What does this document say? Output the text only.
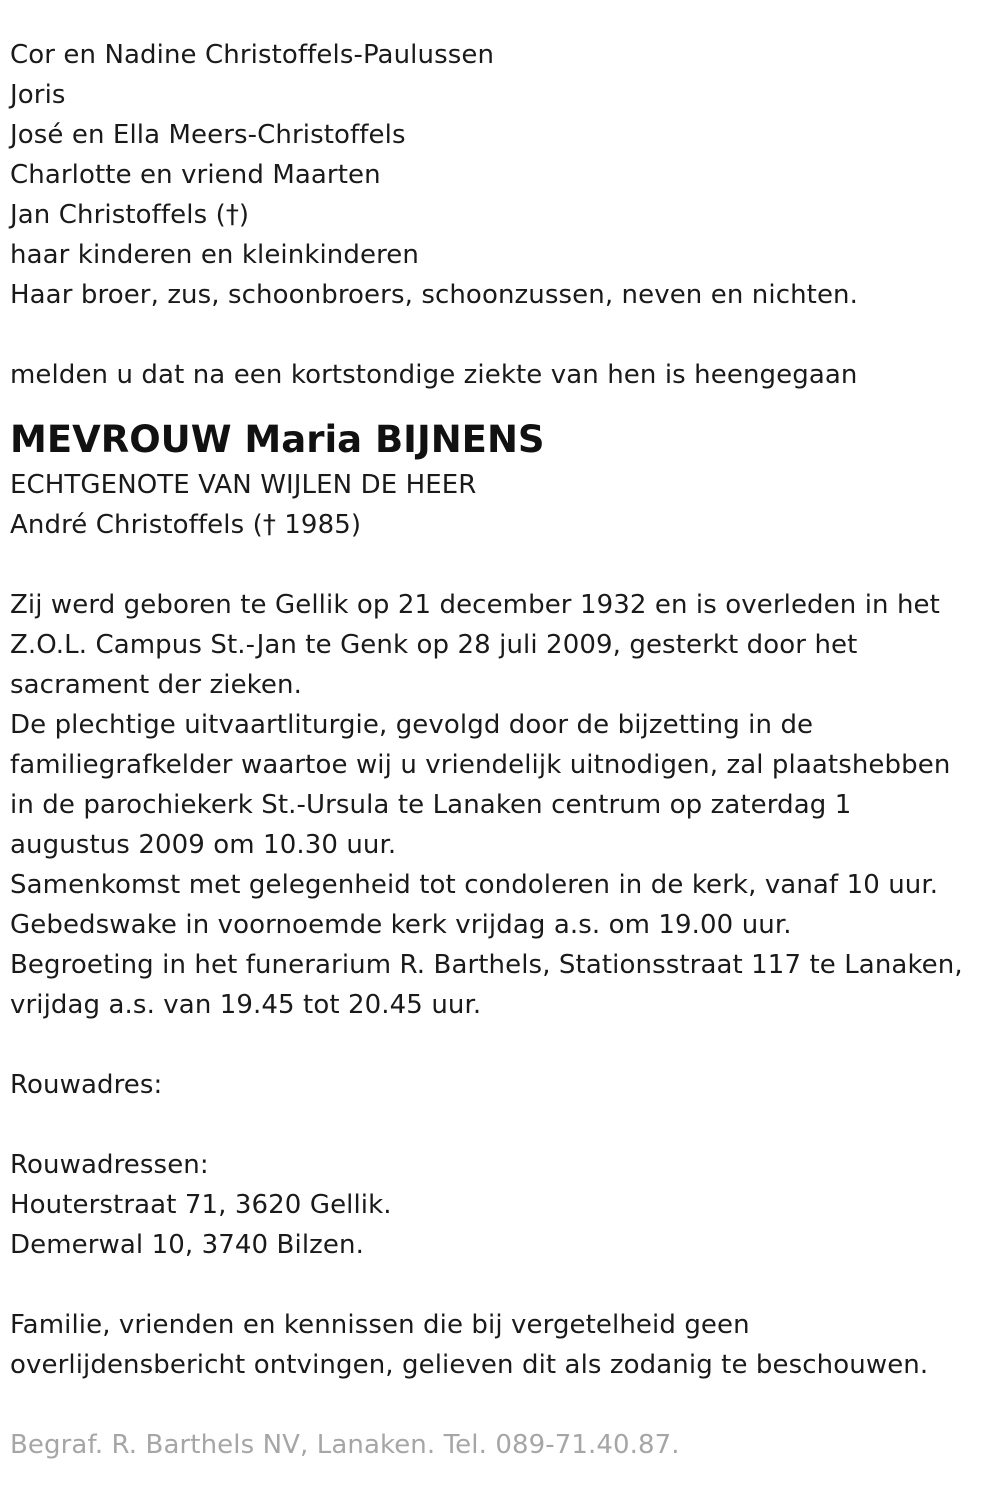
Cor en Nadine Christoffels-Paulussen

Joris

José en Ella Meers-Christoffels

Charlotte en vriend Maarten

Jan Christoffels (†)

haar kinderen en kleinkinderen

Haar broer, zus, schoonbroers, schoonzussen, neven en nichten.

melden u dat na een kortstondige ziekte van hen is heengegaan

MEVROUW Maria BIJNENS

ECHTGENOTE VAN WIJLEN DE HEER

André Christoffels († 1985)

Zij werd geboren te Gellik op 21 december 1932 en is overleden in het

Z.O.L. Campus St.-Jan te Genk op 28 juli 2009, gesterkt door het

sacrament der zieken.

De plechtige uitvaartliturgie, gevolgd door de bijzetting in de

familiegrafkelder waartoe wij u vriendelijk uitnodigen, zal plaatshebben

in de parochiekerk St.-Ursula te Lanaken centrum op zaterdag 1

augustus 2009 om 10.30 uur.

Samenkomst met gelegenheid tot condoleren in de kerk, vanaf 10 uur.

Gebedswake in voornoemde kerk vrijdag a.s. om 19.00 uur.

Begroeting in het funerarium R. Barthels, Stationsstraat 117 te Lanaken,

vrijdag a.s. van 19.45 tot 20.45 uur.

Rouwadres:

Rouwadressen:

Houterstraat 71, 3620 Gellik.

Demerwal 10, 3740 Bilzen.

Familie, vrienden en kennissen die bij vergetelheid geen

overlijdensbericht ontvingen, gelieven dit als zodanig te beschouwen.

Begraf. R. Barthels NV, Lanaken. Tel. 089-71.40.87.
